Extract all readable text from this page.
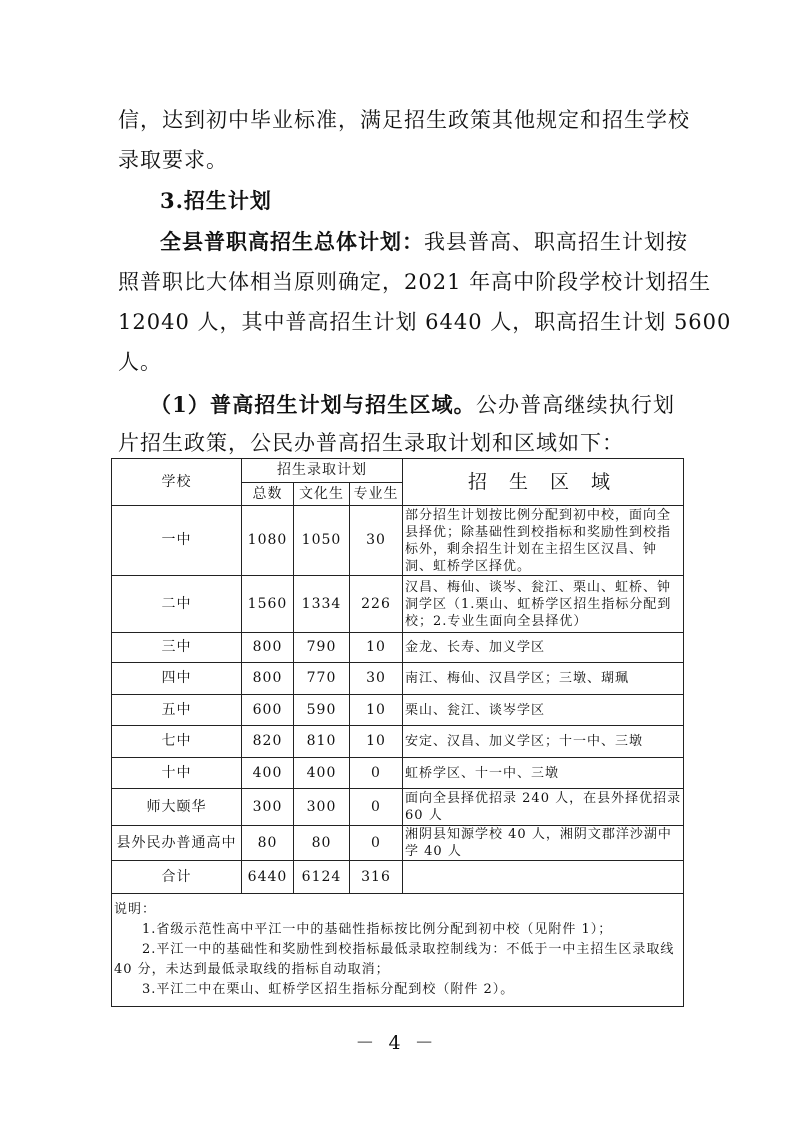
信，达到初中毕业标准，满足招生政策其他规定和招生学校
录取要求。
3.招生计划
全县普职高招生总体计划：我县普高、职高招生计划按
照普职比大体相当原则确定，2021 年高中阶段学校计划招生
12040 人，其中普高招生计划 6440 人，职高招生计划 5600
人。
（1）普高招生计划与招生区域。公办普高继续执行划
片招生政策，公民办普高招生录取计划和区域如下：
学校	招生录取计划			招 生 区 域
	总数	文化生	专业生	
一中	1080	1050	30	部分招生计划按比例分配到初中校，面向全县择优；除基础性到校指标和奖励性到校指标外，剩余招生计划在主招生区汉昌、钟洞、虹桥学区择优。
二中	1560	1334	226	汉昌、梅仙、谈岑、瓮江、栗山、虹桥、钟洞学区（1.栗山、虹桥学区招生指标分配到校；2.专业生面向全县择优）
三中	800	790	10	金龙、长寿、加义学区
四中	800	770	30	南江、梅仙、汉昌学区；三墩、瑚珮
五中	600	590	10	栗山、瓮江、谈岑学区
七中	820	810	10	安定、汉昌、加义学区；十一中、三墩
十中	400	400	0	虹桥学区、十一中、三墩
师大颐华	300	300	0	面向全县择优招录 240 人，在县外择优招录 60 人
县外民办普通高中	80	80	0	湘阴县知源学校 40 人，湘阴文郡洋沙湖中学 40 人
合计	6440	6124	316	

说明：
1.省级示范性高中平江一中的基础性指标按比例分配到初中校（见附件 1）；
2.平江一中的基础性和奖励性到校指标最低录取控制线为：不低于一中主招生区录取线 40 分，未达到最低录取线的指标自动取消；
3.平江二中在栗山、虹桥学区招生指标分配到校（附件 2）。				
－ 4 －
